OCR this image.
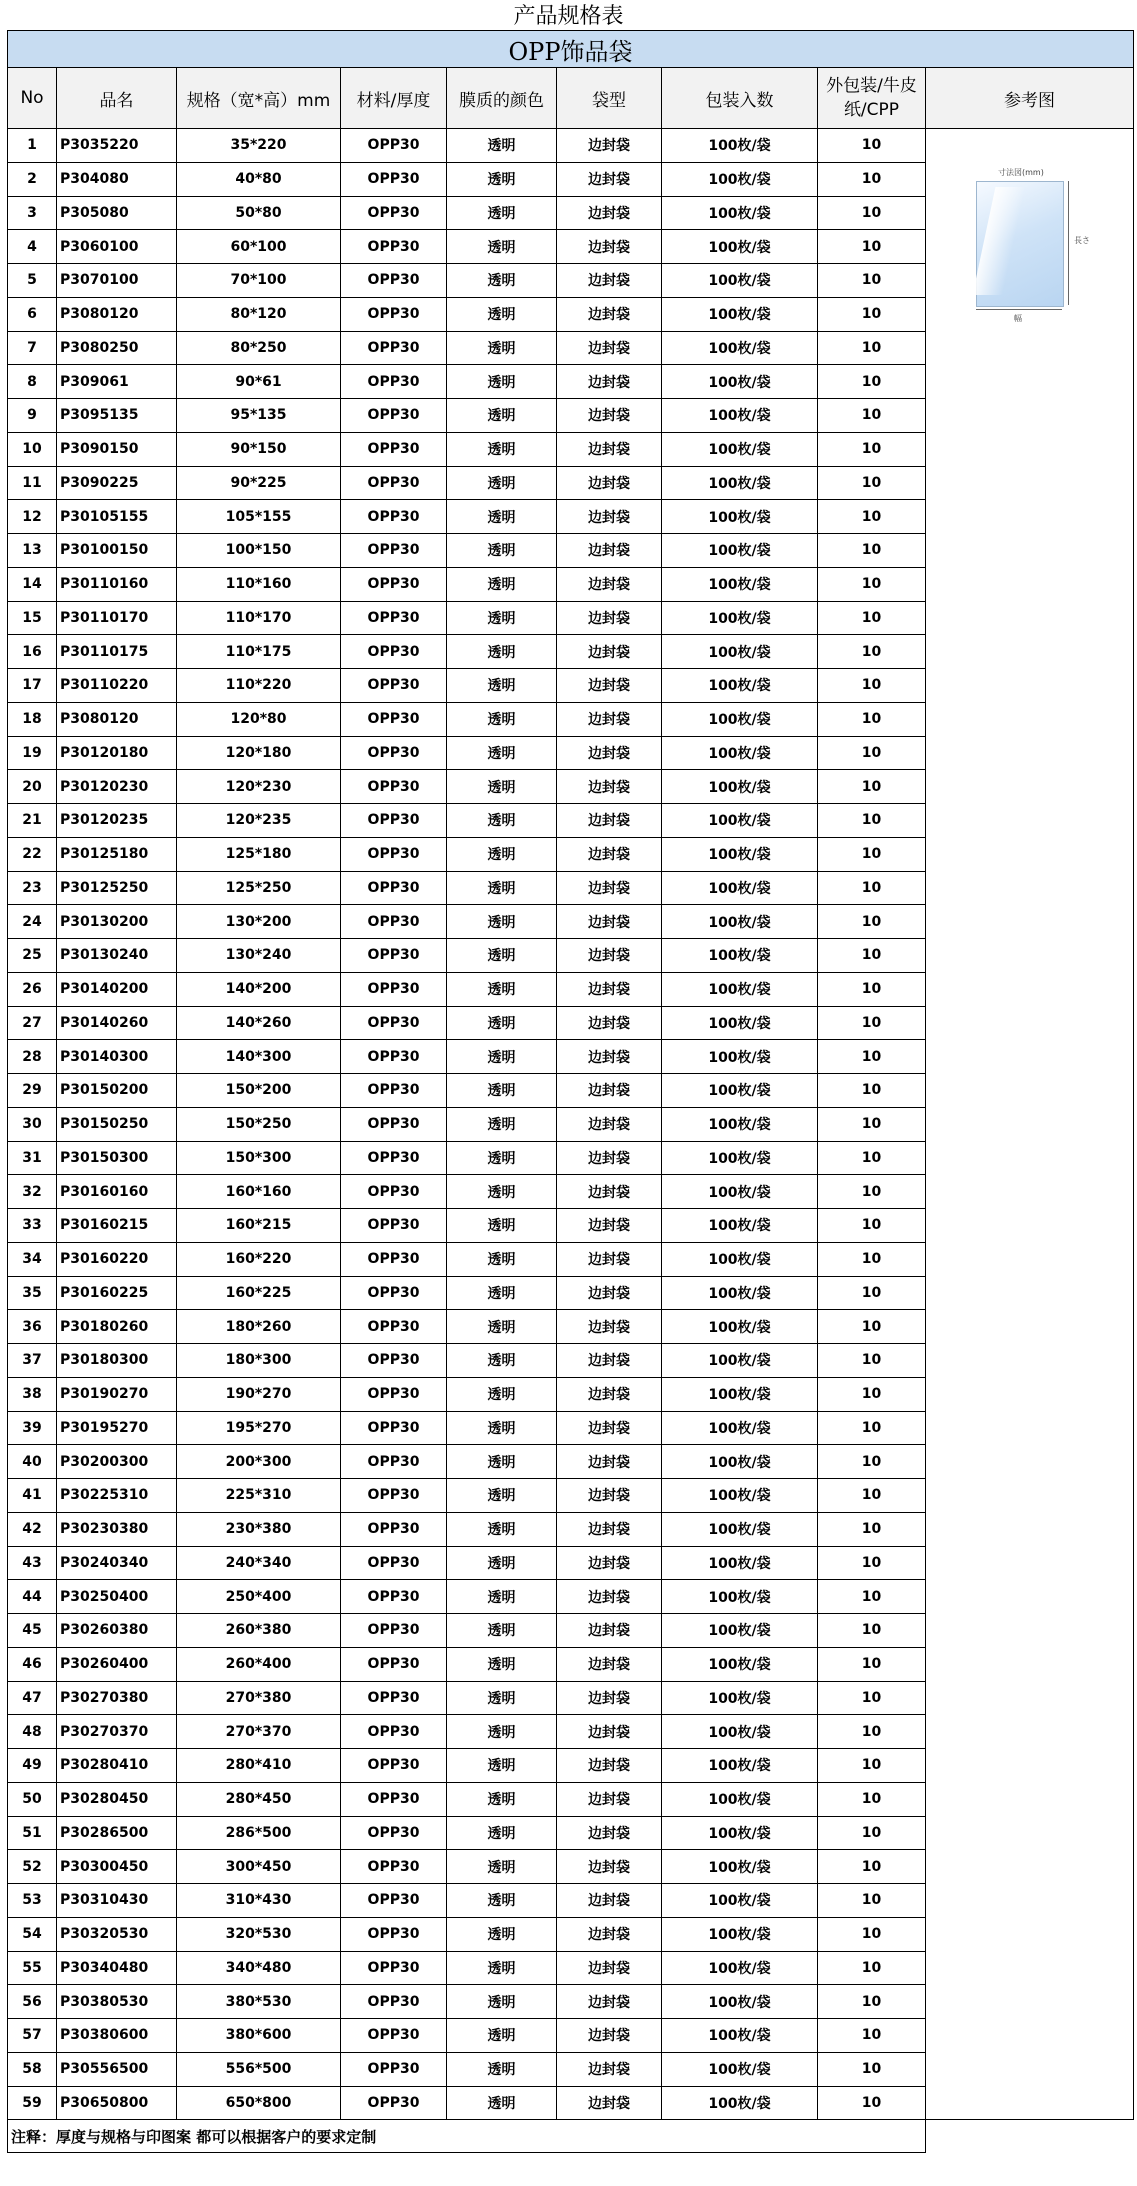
产品规格表
OPP饰品袋								
No	品名	规格（宽*高）mm	材料/厚度	膜质的颜色	袋型	包装入数	外包装/牛皮纸/CPP	参考图
1	P3035220	35*220	OPP30	透明	边封袋	100枚/袋	10	寸法図(mm)
長さ
幅

2	P304080	40*80	OPP30	透明	边封袋	100枚/袋	10	
3	P305080	50*80	OPP30	透明	边封袋	100枚/袋	10	
4	P3060100	60*100	OPP30	透明	边封袋	100枚/袋	10	
5	P3070100	70*100	OPP30	透明	边封袋	100枚/袋	10	
6	P3080120	80*120	OPP30	透明	边封袋	100枚/袋	10	
7	P3080250	80*250	OPP30	透明	边封袋	100枚/袋	10	
8	P309061	90*61	OPP30	透明	边封袋	100枚/袋	10	
9	P3095135	95*135	OPP30	透明	边封袋	100枚/袋	10	
10	P3090150	90*150	OPP30	透明	边封袋	100枚/袋	10	
11	P3090225	90*225	OPP30	透明	边封袋	100枚/袋	10	
12	P30105155	105*155	OPP30	透明	边封袋	100枚/袋	10	
13	P30100150	100*150	OPP30	透明	边封袋	100枚/袋	10	
14	P30110160	110*160	OPP30	透明	边封袋	100枚/袋	10	
15	P30110170	110*170	OPP30	透明	边封袋	100枚/袋	10	
16	P30110175	110*175	OPP30	透明	边封袋	100枚/袋	10	
17	P30110220	110*220	OPP30	透明	边封袋	100枚/袋	10	
18	P3080120	120*80	OPP30	透明	边封袋	100枚/袋	10	
19	P30120180	120*180	OPP30	透明	边封袋	100枚/袋	10	
20	P30120230	120*230	OPP30	透明	边封袋	100枚/袋	10	
21	P30120235	120*235	OPP30	透明	边封袋	100枚/袋	10	
22	P30125180	125*180	OPP30	透明	边封袋	100枚/袋	10	
23	P30125250	125*250	OPP30	透明	边封袋	100枚/袋	10	
24	P30130200	130*200	OPP30	透明	边封袋	100枚/袋	10	
25	P30130240	130*240	OPP30	透明	边封袋	100枚/袋	10	
26	P30140200	140*200	OPP30	透明	边封袋	100枚/袋	10	
27	P30140260	140*260	OPP30	透明	边封袋	100枚/袋	10	
28	P30140300	140*300	OPP30	透明	边封袋	100枚/袋	10	
29	P30150200	150*200	OPP30	透明	边封袋	100枚/袋	10	
30	P30150250	150*250	OPP30	透明	边封袋	100枚/袋	10	
31	P30150300	150*300	OPP30	透明	边封袋	100枚/袋	10	
32	P30160160	160*160	OPP30	透明	边封袋	100枚/袋	10	
33	P30160215	160*215	OPP30	透明	边封袋	100枚/袋	10	
34	P30160220	160*220	OPP30	透明	边封袋	100枚/袋	10	
35	P30160225	160*225	OPP30	透明	边封袋	100枚/袋	10	
36	P30180260	180*260	OPP30	透明	边封袋	100枚/袋	10	
37	P30180300	180*300	OPP30	透明	边封袋	100枚/袋	10	
38	P30190270	190*270	OPP30	透明	边封袋	100枚/袋	10	
39	P30195270	195*270	OPP30	透明	边封袋	100枚/袋	10	
40	P30200300	200*300	OPP30	透明	边封袋	100枚/袋	10	
41	P30225310	225*310	OPP30	透明	边封袋	100枚/袋	10	
42	P30230380	230*380	OPP30	透明	边封袋	100枚/袋	10	
43	P30240340	240*340	OPP30	透明	边封袋	100枚/袋	10	
44	P30250400	250*400	OPP30	透明	边封袋	100枚/袋	10	
45	P30260380	260*380	OPP30	透明	边封袋	100枚/袋	10	
46	P30260400	260*400	OPP30	透明	边封袋	100枚/袋	10	
47	P30270380	270*380	OPP30	透明	边封袋	100枚/袋	10	
48	P30270370	270*370	OPP30	透明	边封袋	100枚/袋	10	
49	P30280410	280*410	OPP30	透明	边封袋	100枚/袋	10	
50	P30280450	280*450	OPP30	透明	边封袋	100枚/袋	10	
51	P30286500	286*500	OPP30	透明	边封袋	100枚/袋	10	
52	P30300450	300*450	OPP30	透明	边封袋	100枚/袋	10	
53	P30310430	310*430	OPP30	透明	边封袋	100枚/袋	10	
54	P30320530	320*530	OPP30	透明	边封袋	100枚/袋	10	
55	P30340480	340*480	OPP30	透明	边封袋	100枚/袋	10	
56	P30380530	380*530	OPP30	透明	边封袋	100枚/袋	10	
57	P30380600	380*600	OPP30	透明	边封袋	100枚/袋	10	
58	P30556500	556*500	OPP30	透明	边封袋	100枚/袋	10	
59	P30650800	650*800	OPP30	透明	边封袋	100枚/袋	10	
注释：厚度与规格与印图案 都可以根据客户的要求定制								
